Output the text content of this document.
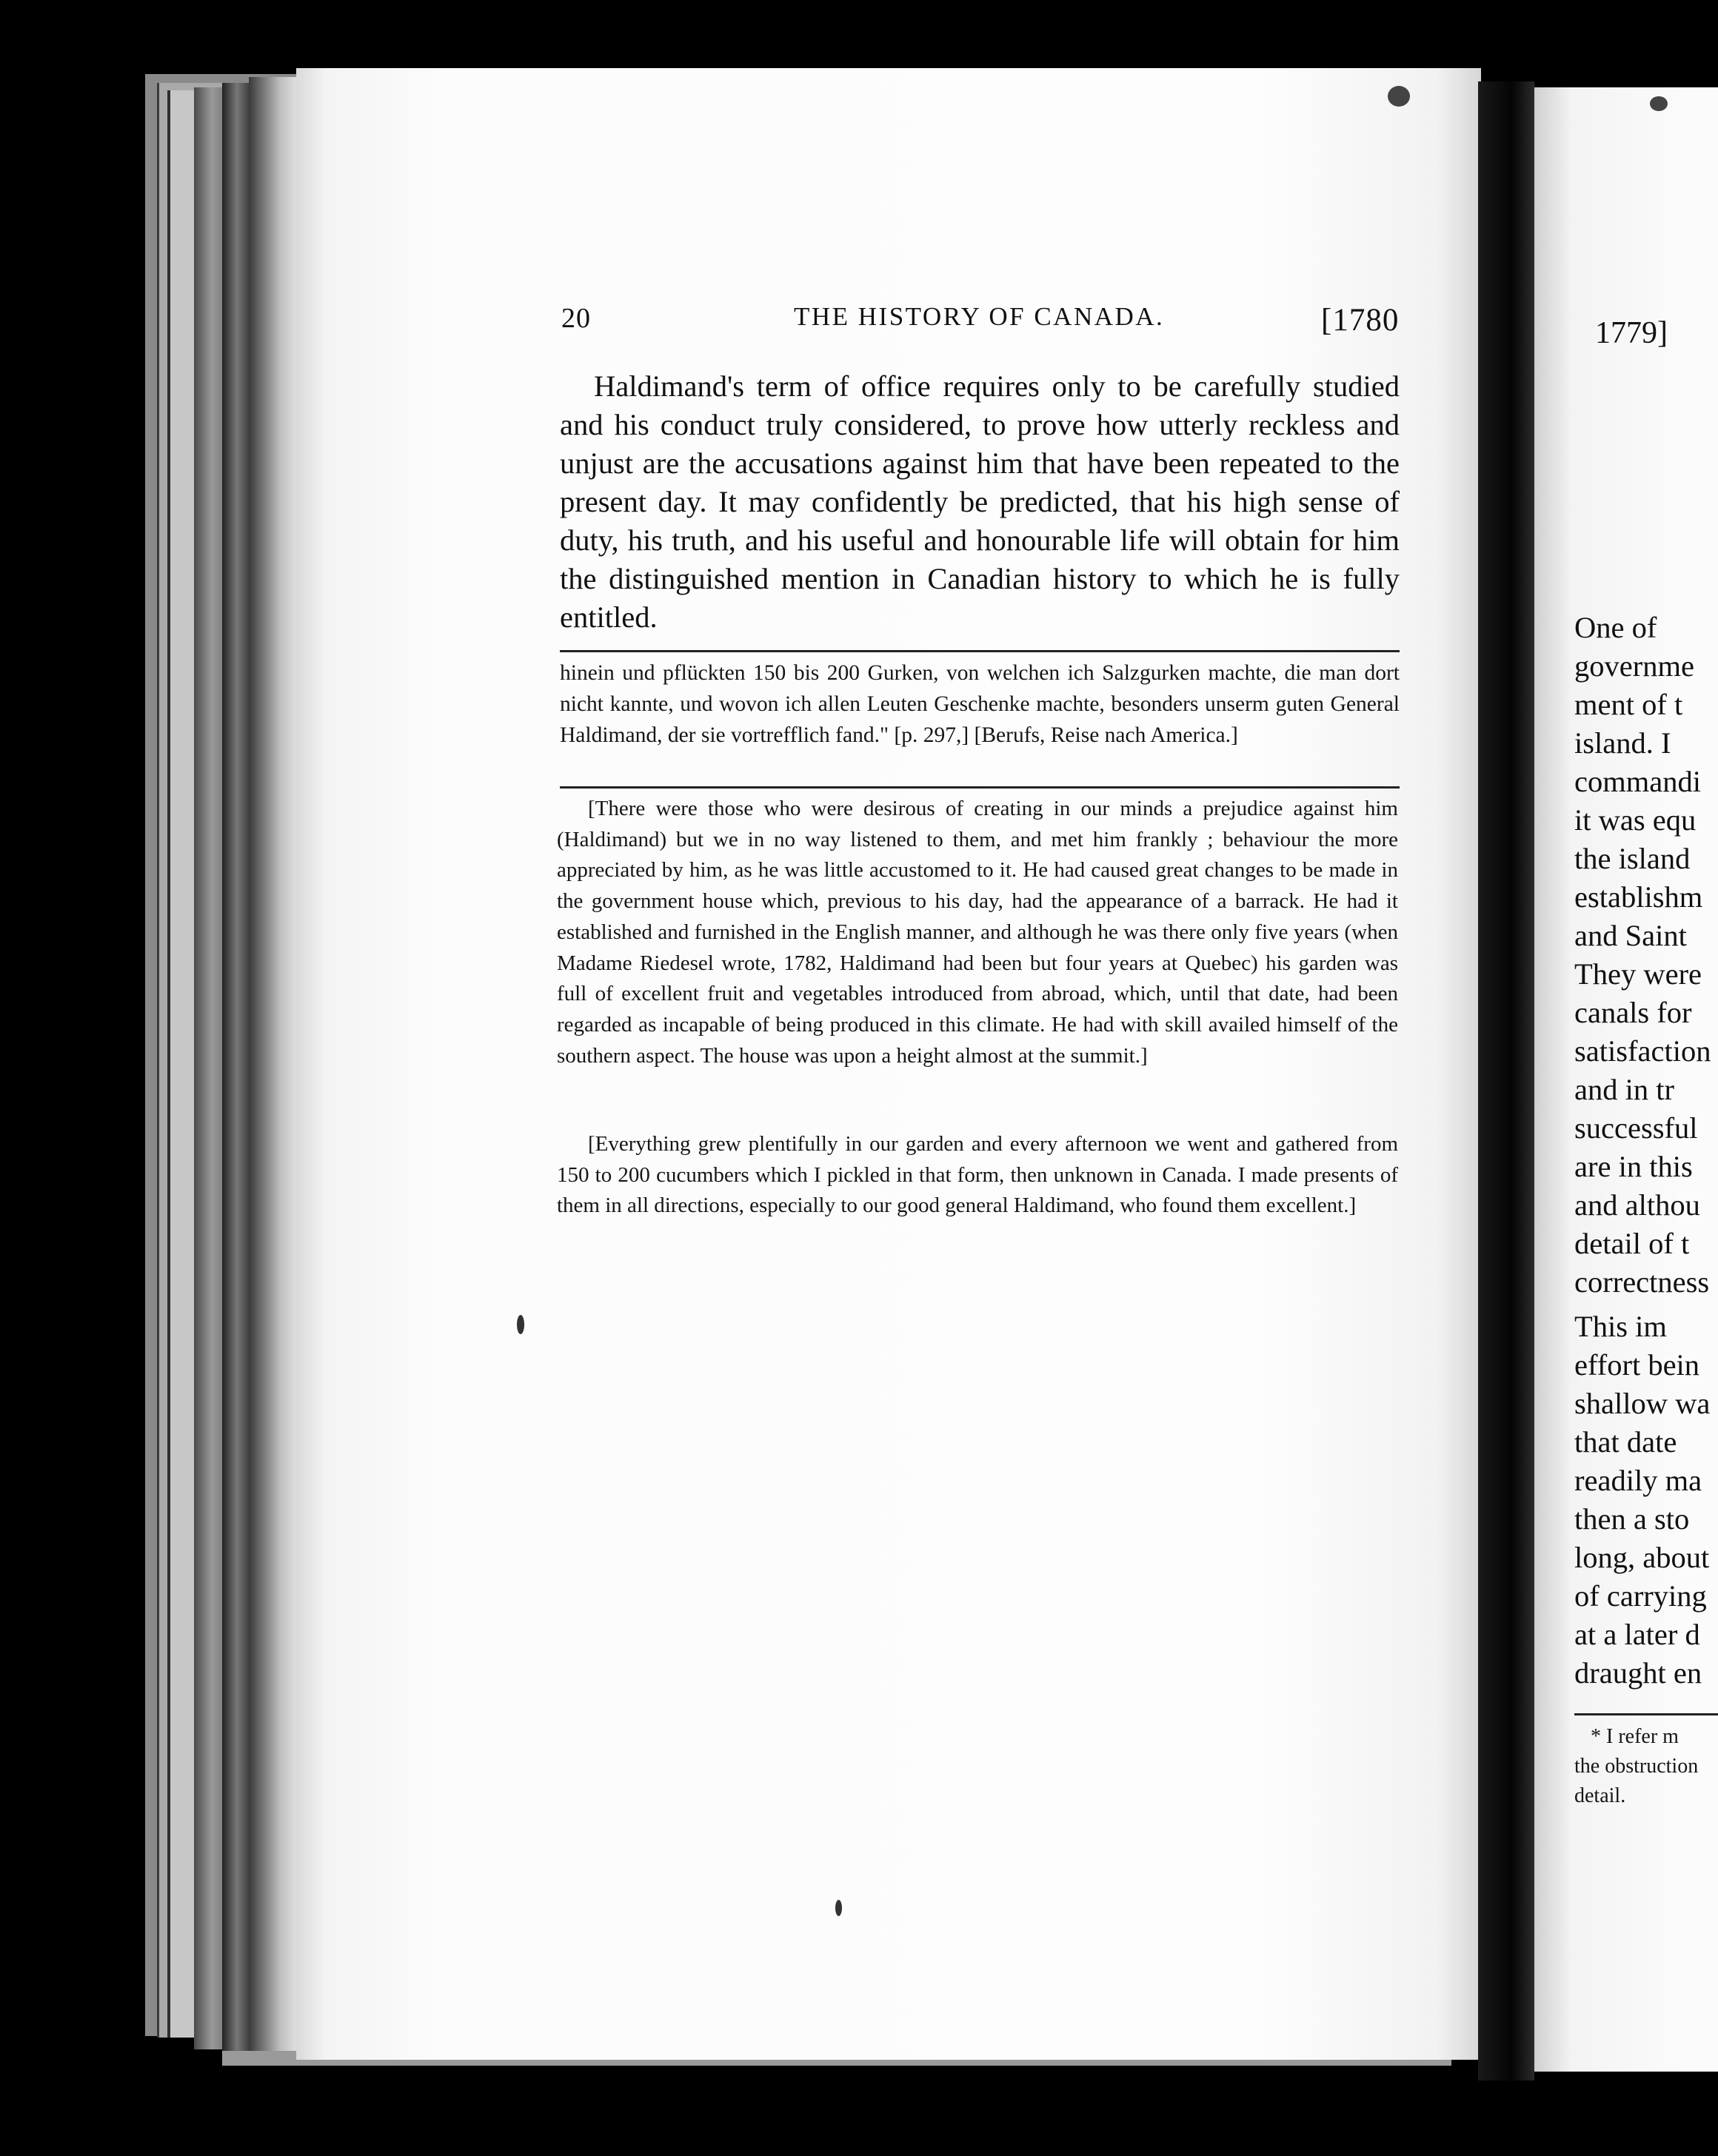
20	THE HISTORY OF CANADA.	[1780

Haldimand's term of office requires only to be carefully studied and his conduct truly considered, to prove how utterly reckless and unjust are the accusations against him that have been repeated to the present day. It may confidently be predicted, that his high sense of duty, his truth, and his useful and honourable life will obtain for him the distinguished mention in Canadian history to which he is fully entitled.

hinein und pflückten 150 bis 200 Gurken, von welchen ich Salzgurken machte, die man dort nicht kannte, und wovon ich allen Leuten Geschenke machte, besonders unserm guten General Haldimand, der sie vortrefflich fand." [p. 297,] [Berufs, Reise nach America.]

[There were those who were desirous of creating in our minds a prejudice against him (Haldimand) but we in no way listened to them, and met him frankly ; behaviour the more appreciated by him, as he was little accustomed to it. He had caused great changes to be made in the government house which, previous to his day, had the appearance of a barrack. He had it established and furnished in the English manner, and although he was there only five years (when Madame Riedesel wrote, 1782, Haldimand had been but four years at Quebec) his garden was full of excellent fruit and vegetables introduced from abroad, which, until that date, had been regarded as incapable of being produced in this climate. He had with skill availed himself of the southern aspect. The house was upon a height almost at the summit.]

[Everything grew plentifully in our garden and every afternoon we went and gathered from 150 to 200 cucumbers which I pickled in that form, then unknown in Canada. I made presents of them in all directions, especially to our good general Haldimand, who found them excellent.]

1779]
One of
governme
ment of t
island. I
commandi
it was equ
the island
establishm
and Saint
They were
canals for
satisfaction
and in tr
successful
are in this
and althou
detail of t
correctness
This im
effort bein
shallow wa
that date
readily ma
then a sto
long, about
of carrying
at a later d
draught en
* I refer m
the obstruction
detail.
